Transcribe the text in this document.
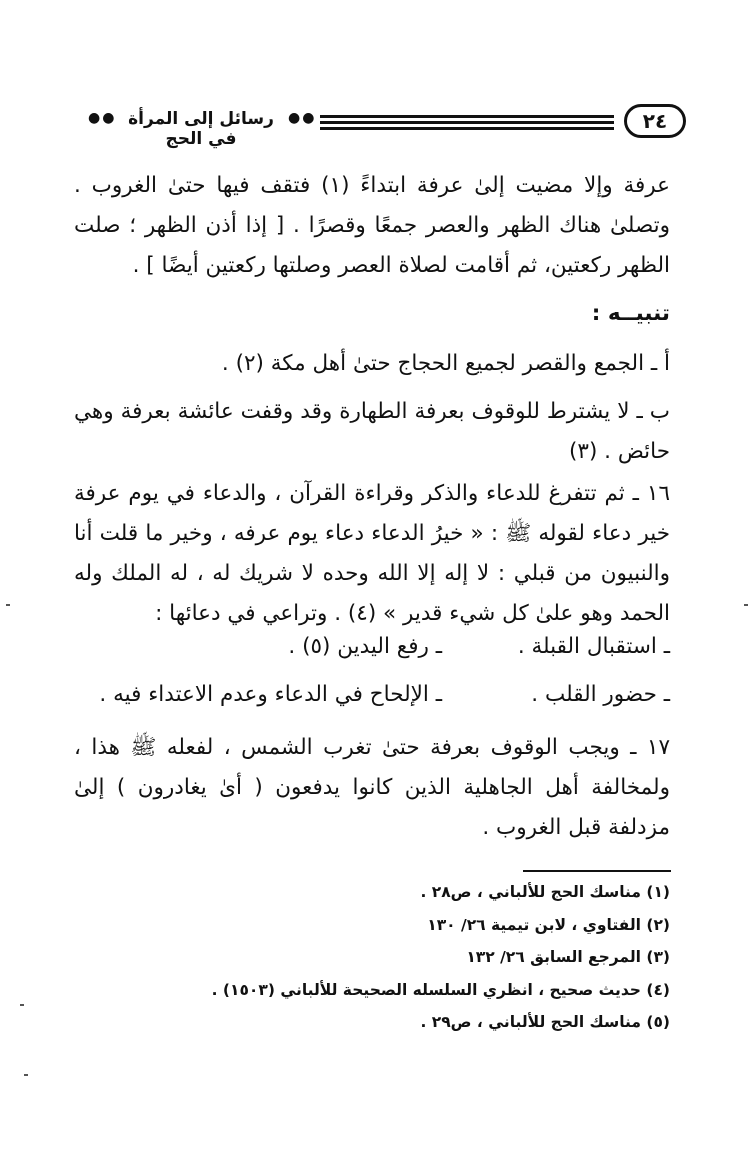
●● رسائل إلى المرأة في الحج
●●	٢٤

عرفة وإلا مضيت إلىٰ عرفة ابتداءً (١) فتقف فيها حتىٰ الغروب . وتصلىٰ هناك الظهر والعصر جمعًا وقصرًا . [ إذا أذن الظهر ؛ صلت الظهر ركعتين، ثم أقامت لصلاة العصر وصلتها ركعتين أيضًا ] .

تنبيــه :

أ ـ الجمع والقصر لجميع الحجاج حتىٰ أهل مكة (٢) .

ب ـ لا يشترط للوقوف بعرفة الطهارة وقد وقفت عائشة بعرفة وهي حائض . (٣)

١٦ ـ ثم تتفرغ للدعاء والذكر وقراءة القرآن ، والدعاء في يوم عرفة خير دعاء لقوله ﷺ : « خيرُ الدعاء دعاء يوم عرفه ، وخير ما قلت أنا والنبيون من قبلي : لا إله إلا الله وحده لا شريك له ، له الملك وله الحمد وهو علىٰ كل شيء قدير » (٤) . وتراعي في دعائها :

ـ استقبال القبلة .
ـ رفع اليدين (٥) .
ـ حضور القلب .
ـ الإلحاح في الدعاء وعدم الاعتداء فيه .

١٧ ـ ويجب الوقوف بعرفة حتىٰ تغرب الشمس ، لفعله ﷺ هذا ، ولمخالفة أهل الجاهلية الذين كانوا يدفعون ( أىٰ يغادرون ) إلىٰ مزدلفة قبل الغروب .

(١) مناسك الحج للألباني ، ص٢٨ .
(٢) الفتاوي ، لابن تيمية ٢٦/ ١٣٠
(٣) المرجع السابق ٢٦/ ١٣٢
(٤) حديث صحيح ، انظري السلسله الصحيحة للألباني (١٥٠٣) .
(٥) مناسك الحج للألباني ، ص٢٩ .
